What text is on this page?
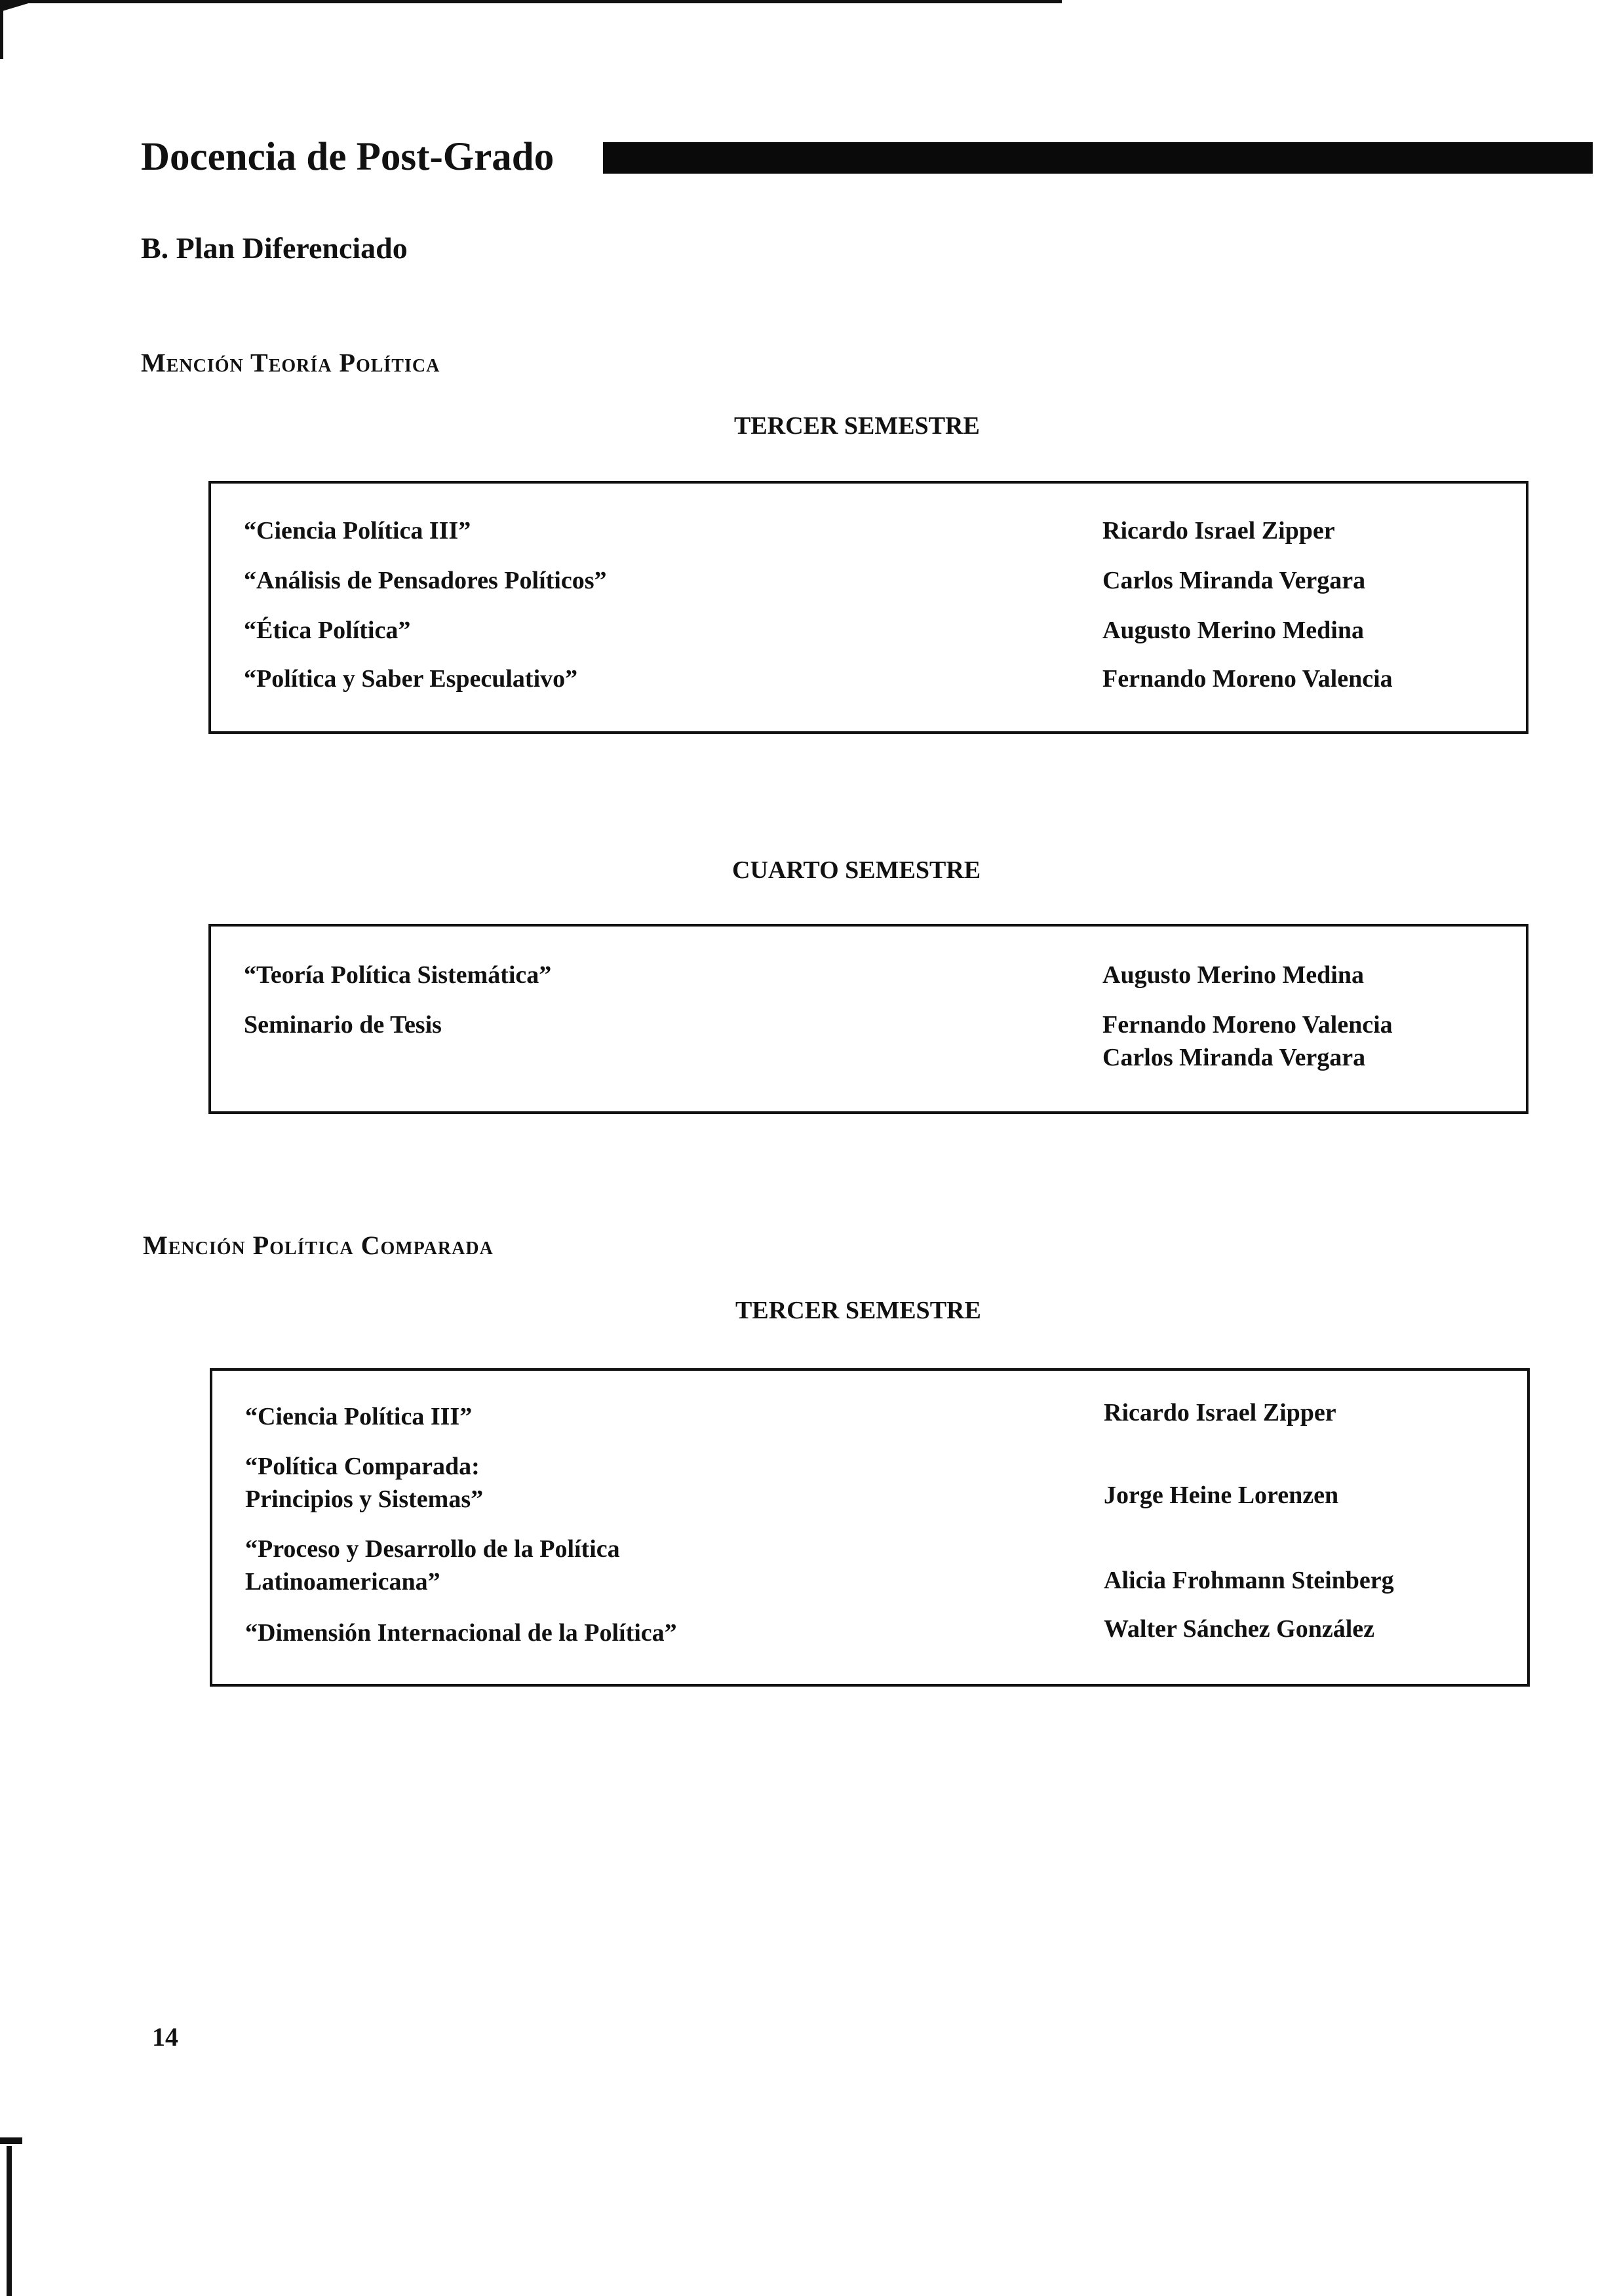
Docencia de Post-Grado
B. Plan Diferenciado
Mención Teoría Política
TERCER SEMESTRE
“Ciencia Política III”	Ricardo Israel Zipper
“Análisis de Pensadores Políticos”	Carlos Miranda Vergara
“Ética Política”	Augusto Merino Medina
“Política y Saber Especulativo”	Fernando Moreno Valencia
CUARTO SEMESTRE
“Teoría Política Sistemática”	Augusto Merino Medina
Seminario de Tesis	Fernando Moreno Valencia
Carlos Miranda Vergara
Mención Política Comparada
TERCER SEMESTRE
“Ciencia Política III”	Ricardo Israel Zipper
“Política Comparada:
Principios y Sistemas”	Jorge Heine Lorenzen
“Proceso y Desarrollo de la Política
Latinoamericana”	Alicia Frohmann Steinberg
“Dimensión Internacional de la Política”	Walter Sánchez González
14
